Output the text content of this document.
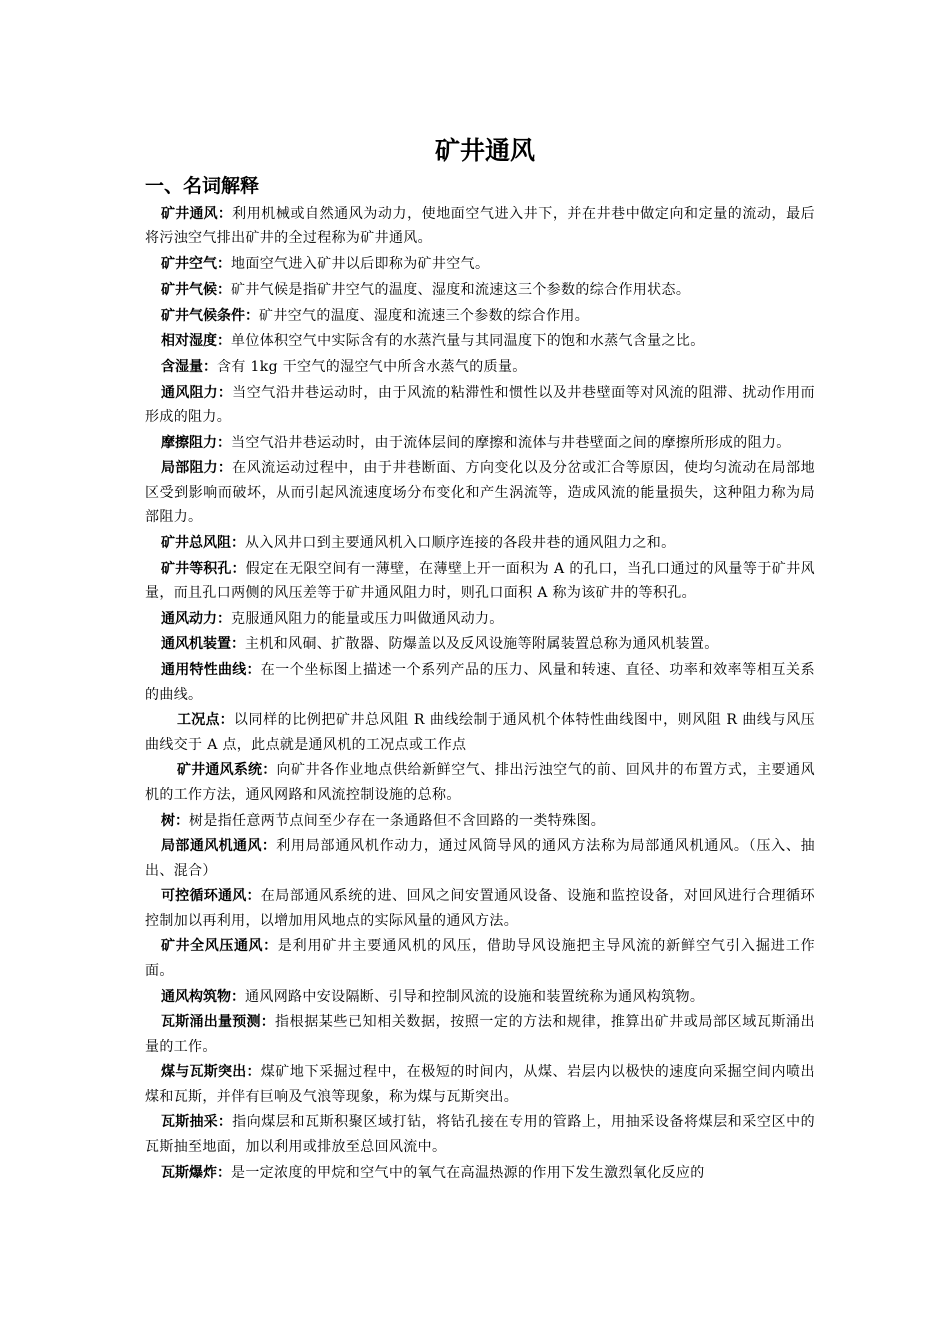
矿井通风
一、名词解释

矿井通风：利用机械或自然通风为动力，使地面空气进入井下，并在井巷中做定向和定量的流动，最后将污浊空气排出矿井的全过程称为矿井通风。

矿井空气：地面空气进入矿井以后即称为矿井空气。

矿井气候：矿井气候是指矿井空气的温度、湿度和流速这三个参数的综合作用状态。

矿井气候条件：矿井空气的温度、湿度和流速三个参数的综合作用。

相对湿度：单位体积空气中实际含有的水蒸汽量与其同温度下的饱和水蒸气含量之比。

含湿量：含有 1kg 干空气的湿空气中所含水蒸气的质量。

通风阻力：当空气沿井巷运动时，由于风流的粘滞性和惯性以及井巷壁面等对风流的阻滞、扰动作用而形成的阻力。

摩擦阻力：当空气沿井巷运动时，由于流体层间的摩擦和流体与井巷壁面之间的摩擦所形成的阻力。

局部阻力：在风流运动过程中，由于井巷断面、方向变化以及分岔或汇合等原因，使均匀流动在局部地区受到影响而破坏，从而引起风流速度场分布变化和产生涡流等，造成风流的能量损失，这种阻力称为局部阻力。

矿井总风阻：从入风井口到主要通风机入口顺序连接的各段井巷的通风阻力之和。

矿井等积孔：假定在无限空间有一薄壁，在薄壁上开一面积为 A 的孔口，当孔口通过的风量等于矿井风量，而且孔口两侧的风压差等于矿井通风阻力时，则孔口面积 A 称为该矿井的等积孔。

通风动力：克服通风阻力的能量或压力叫做通风动力。

通风机装置：主机和风硐、扩散器、防爆盖以及反风设施等附属装置总称为通风机装置。

通用特性曲线：在一个坐标图上描述一个系列产品的压力、风量和转速、直径、功率和效率等相互关系的曲线。

工况点：以同样的比例把矿井总风阻 R 曲线绘制于通风机个体特性曲线图中，则风阻 R 曲线与风压曲线交于 A 点，此点就是通风机的工况点或工作点

矿井通风系统：向矿井各作业地点供给新鲜空气、排出污浊空气的前、回风井的布置方式，主要通风机的工作方法，通风网路和风流控制设施的总称。

树：树是指任意两节点间至少存在一条通路但不含回路的一类特殊图。

局部通风机通风：利用局部通风机作动力，通过风筒导风的通风方法称为局部通风机通风。（压入、抽出、混合）

可控循环通风：在局部通风系统的进、回风之间安置通风设备、设施和监控设备，对回风进行合理循环控制加以再利用，以增加用风地点的实际风量的通风方法。

矿井全风压通风：是利用矿井主要通风机的风压，借助导风设施把主导风流的新鲜空气引入掘进工作面。

通风构筑物：通风网路中安设隔断、引导和控制风流的设施和装置统称为通风构筑物。

瓦斯涌出量预测：指根据某些已知相关数据，按照一定的方法和规律，推算出矿井或局部区域瓦斯涌出量的工作。

煤与瓦斯突出：煤矿地下采掘过程中，在极短的时间内，从煤、岩层内以极快的速度向采掘空间内喷出煤和瓦斯，并伴有巨响及气浪等现象，称为煤与瓦斯突出。

瓦斯抽采：指向煤层和瓦斯积聚区域打钻，将钻孔接在专用的管路上，用抽采设备将煤层和采空区中的瓦斯抽至地面，加以利用或排放至总回风流中。

瓦斯爆炸：是一定浓度的甲烷和空气中的氧气在高温热源的作用下发生激烈氧化反应的
